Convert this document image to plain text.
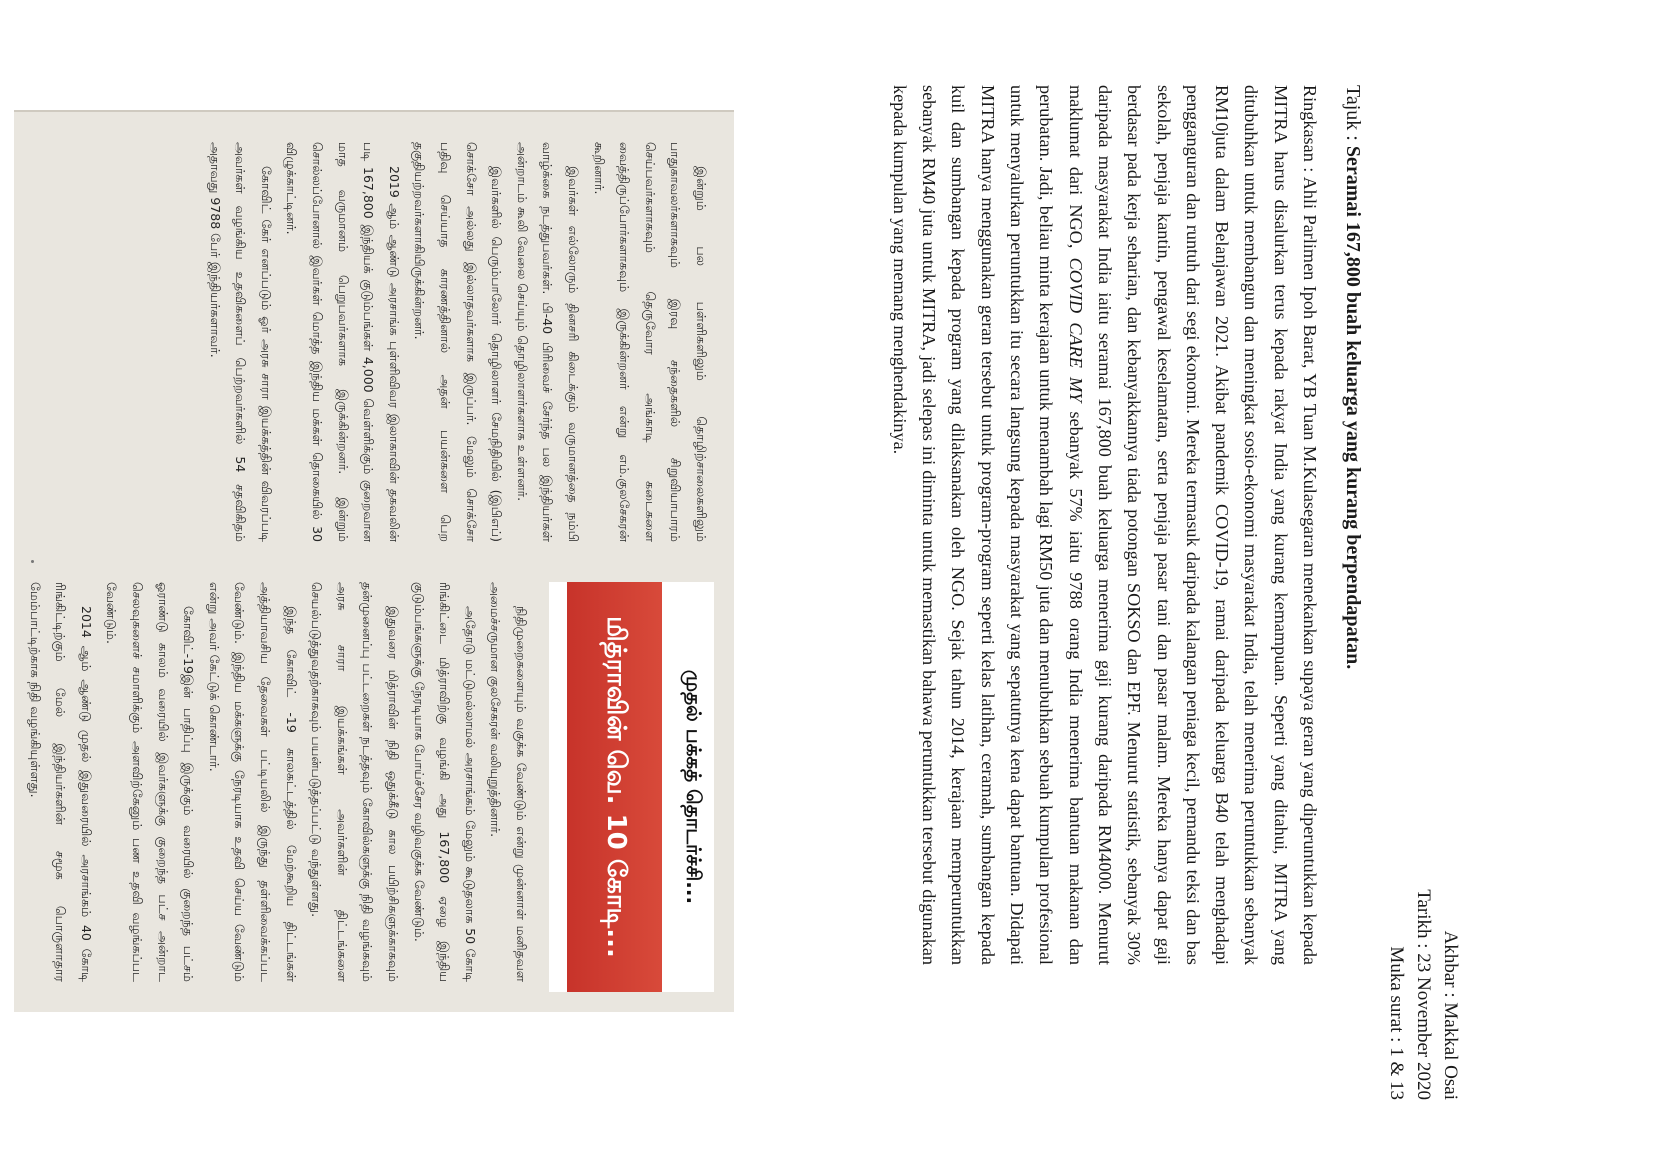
Akhbar : Makkal Osai
Tarikh : 23 November 2020
Muka surat : 1 & 13
Tajuk : Seramai 167,800 buah keluarga yang kurang berpendapatan.

Ringkasan : Ahli Parlimen Ipoh Barat, YB Tuan M.Kulasegaran menekankan supaya geran yang diperuntukkan kepada MITRA harus disalurkan terus kepada rakyat India yang kurang kemampuan. Seperti yang ditahui, MITRA yang ditubuhkan untuk membangun dan meningkat sosio-ekonomi masyarakat India, telah menerima peruntukkan sebanyak RM10juta dalam Belanjawan 2021. Akibat pandemik COVID-19, ramai daripada keluarga B40 telah menghadapi pengganguran dan runtuh dari segi ekonomi. Mereka termasuk daripada kalangan peniaga kecil, pemandu teksi dan bas sekolah, penjaja kantin, pengawal keselamatan, serta penjaja pasar tani dan pasar malam. Mereka hanya dapat gaji berdasar pada kerja seharian, dan kebanyakkannya tiada potongan SOKSO dan EPF. Menurut statistik, sebanyak 30% daripada masyarakat India iaitu seramai 167,800 buah keluarga menerima gaji kurang daripada RM4000. Menurut maklumat dari NGO, COVID CARE MY sebanyak 57% iaitu 9788 orang India menerima bantuan makanan dan perubatan. Jadi, beliau minta kerajaan untuk menambah lagi RM50 juta dan menubuhkan sebuah kumpulan profesional untuk menyalurkan peruntukkan itu secara langsung kepada masyarakat yang sepatutnya kena dapat bantuan. Didapati MITRA hanya menggunakan geran tersebut untuk program-program seperti kelas latihan, ceramah, sumbangan kepada kuil dan sumbangan kepada program yang dilaksanakan oleh NGO. Sejak tahun 2014, kerajaan memperuntukkan sebanyak RM40 juta untuk MITRA, jadi selepas ini diminta untuk memastikan bahawa peruntukkan tersebut digunakan kepada kumpulan yang memang menghendakinya.

இன்றும் பல பள்ளிகளிலும் தொழிற்சாலைகளிலும் பாதுகாவலர்களாகவும் இரவு சந்தைகளில் சிறுவியாபாரம் செய்பவர்களாகவும் தெருவோர அங்காடி கடைகளை வைத்திருப்போர்களாகவும் இருக்கின்றனர் என்று எம்.குலசேகரன் கூறினார்.

இவர்கள் எல்லோரும் தினசரி கிடைக்கும் வருமானத்தை நம்பி வாழ்க்கை நடத்துபவர்கள். பி-40 பிரிவைச் சேர்ந்த பல இந்தியர்கள் அன்றாடம் கூலி வேலை செய்யும் தொழிலாளர்களாக உள்ளனர்.

இவர்களில் பெரும்பாலோர் தொழிலாளர் சேமநிதியில் (இபிஎப்) சொக்சோ அல்லது இல்லாதவர்களாக இருப்பர். மேலும் சொக்சோ பதிவு செய்யாத காரணத்தினால் அதன் பயன்களை பெற தகுதியற்றவர்களாகியிருக்கின்றனர்.

2019 ஆம் ஆண்டு அரசாங்க புள்ளிவிவர இலாகாவின் தகவலின் படி 167,800 இந்தியக் குடும்பங்கள் 4,000 வெள்ளிக்கும் குறைவான மாத வருமானம் பெறுபவர்களாக இருக்கின்றனர். இன்றும் சொல்லப்போனால் இவர்கள் மொத்த இந்திய மக்கள் தொகையில் 30 விழுக்காட்டினர்.

கோவிட் கேர் எனப்படும் ஓர் அரசு சாரா இயக்கத்தின் விவரப்படி அவர்கள் வழங்கிய உதவிகளைப் பெற்றவர்களில் 54 சதவிகிதம் அதாவது 9788 பேர் இந்தியர்களாவர்.

முதல் பக்கத் தொடர்ச்சி...
மித்ராவின் வெ. 10 கோடி...

நிதிமுறைகளையும் வகுக்க வேண்டும் என்று முன்னாள் மனிதவள அமைச்சருமான குலசேகரன் வலியுறுத்தினார்.

அதோடு மட்டுமல்லாமல் அரசாங்கம் மேலும் கூடுதலாக 50 கோடி ரிங்கிட்டை மித்ராவிற்கு வழங்கி அது 167,800 ஏழை இந்திய குடும்பங்களுக்கு நேரடியாக போய்ச்சேர வழிவகுக்க வேண்டும்.

இதுவரை மித்ராவின் நிதி ஒதுக்கீடு கால பயிற்சிகளுக்காகவும் தன்முனைப்பு பட்டறைகள் நடத்தவும் கோவில்களுக்கு நிதி வழங்கவும் அரசு சாரா இயக்கங்கள் அவர்களின் திட்டங்களை செயல்படுத்துவதற்காகவும் பயன்படுத்தப்பட்டு வந்துள்ளது.

இந்த கோவிட் -19 காலகட்டத்தில் மேற்கூறிய திட்டங்கள் அத்தியாவசிய தேவைகள் பட்டியலில் இருந்து தள்ளிவைக்கப்பட வேண்டும். இந்திய மக்களுக்கு நேரடியாக உதவி செய்ய வேண்டும் என்று அவர் கேட்டுக் கொண்டார்.

கோவிட்-19இன் பாதிப்பு இருக்கும் வரையில் குறைந்த பட்சம் ஓராண்டு காலம் வரையில் இவர்களுக்கு குறைந்த பட்ச அன்றாட செலவுகளைச் சமாளிக்கும் அளவிற்கேனும் பண உதவி வழங்கப்பட வேண்டும்.

2014 ஆம் ஆண்டு முதல் இதுவரையில் அரசாங்கம் 40 கோடி ரிங்கிட்டிற்கும் மேல் இந்தியர்களின் சமூக பொருளாதார மேம்பாட்டிற்காக நிதி வழங்கியுள்ளது.
